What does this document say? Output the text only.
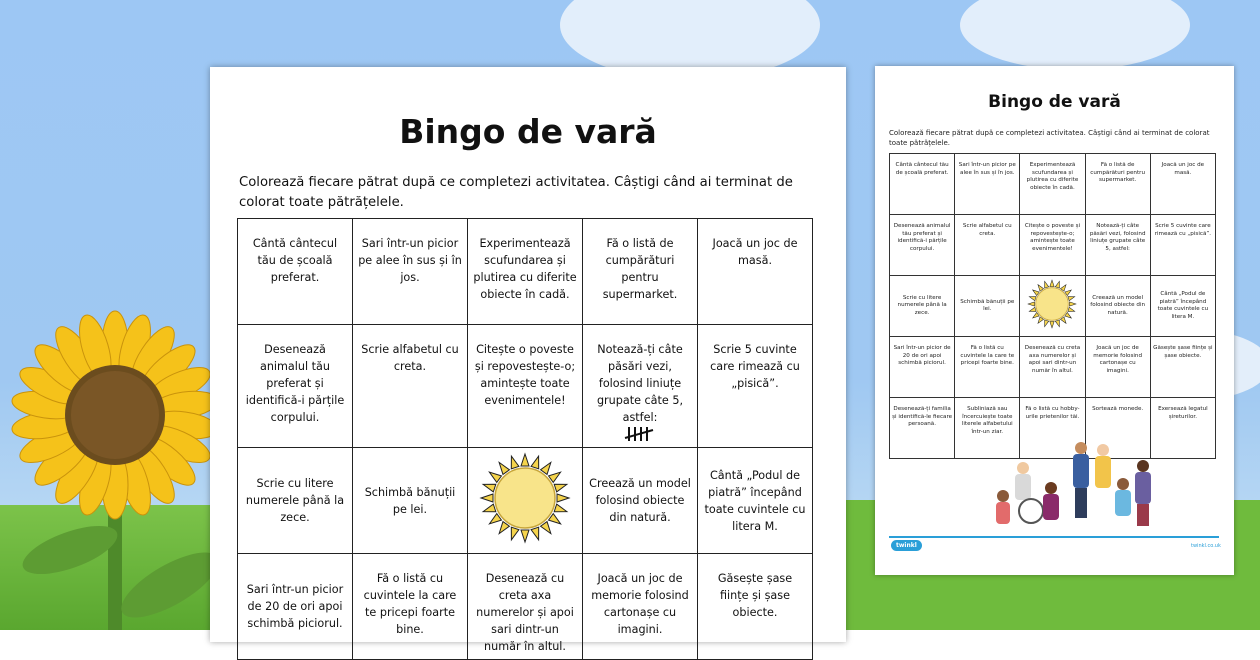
Bingo de vară
Colorează fiecare pătrat după ce completezi activitatea. Câștigi când ai terminat de colorat toate pătrățelele.
Cântă cântecul tău de școală preferat.	Sari într-un picior pe alee în sus și în jos.	Experimentează scufundarea și plutirea cu diferite obiecte în cadă.	Fă o listă de cumpărături pentru supermarket.	Joacă un joc de masă.
Desenează animalul tău preferat și identifică-i părțile corpului.	Scrie alfabetul cu creta.	Citește o poveste și repovestește-o; amintește toate evenimentele!	Notează-ți câte păsări vezi, folosind liniuțe grupate câte 5, astfel:	Scrie 5 cuvinte care rimează cu „pisică”.
Scrie cu litere numerele până la zece.	Schimbă bănuții pe lei.		Creează un model folosind obiecte din natură.	Cântă „Podul de piatră” începând toate cuvintele cu litera M.
Sari într-un picior de 20 de ori apoi schimbă piciorul.	Fă o listă cu cuvintele la care te pricepi foarte bine.	Desenează cu creta axa numerelor și apoi sari dintr-un număr în altul.	Joacă un joc de memorie folosind cartonașe cu imagini.	Găsește șase ființe și șase obiecte.
Bingo de vară
Colorează fiecare pătrat după ce completezi activitatea. Câștigi când ai terminat de colorat toate pătrățelele.
Cântă cântecul tău de școală preferat.	Sari într-un picior pe alee în sus și în jos.	Experimentează scufundarea și plutirea cu diferite obiecte în cadă.	Fă o listă de cumpărături pentru supermarket.	Joacă un joc de masă.
Desenează animalul tău preferat și identifică-i părțile corpului.	Scrie alfabetul cu creta.	Citește o poveste și repovestește-o; amintește toate evenimentele!	Notează-ți câte păsări vezi, folosind liniuțe grupate câte 5, astfel:	Scrie 5 cuvinte care rimează cu „pisică”.
Scrie cu litere numerele până la zece.	Schimbă bănuții pe lei.		Creează un model folosind obiecte din natură.	Cântă „Podul de piatră” începând toate cuvintele cu litera M.
Sari într-un picior de 20 de ori apoi schimbă piciorul.	Fă o listă cu cuvintele la care te pricepi foarte bine.	Desenează cu creta axa numerelor și apoi sari dintr-un număr în altul.	Joacă un joc de memorie folosind cartonașe cu imagini.	Găsește șase ființe și șase obiecte.
Desenează-ți familia și identifică-le fiecare persoană.	Subliniază sau încercuiește toate literele alfabetului într-un ziar.	Fă o listă cu hobby-urile prietenilor tăi.	Sortează monede.	Exersează legatul șireturilor.
twinkl	twinkl.co.uk
